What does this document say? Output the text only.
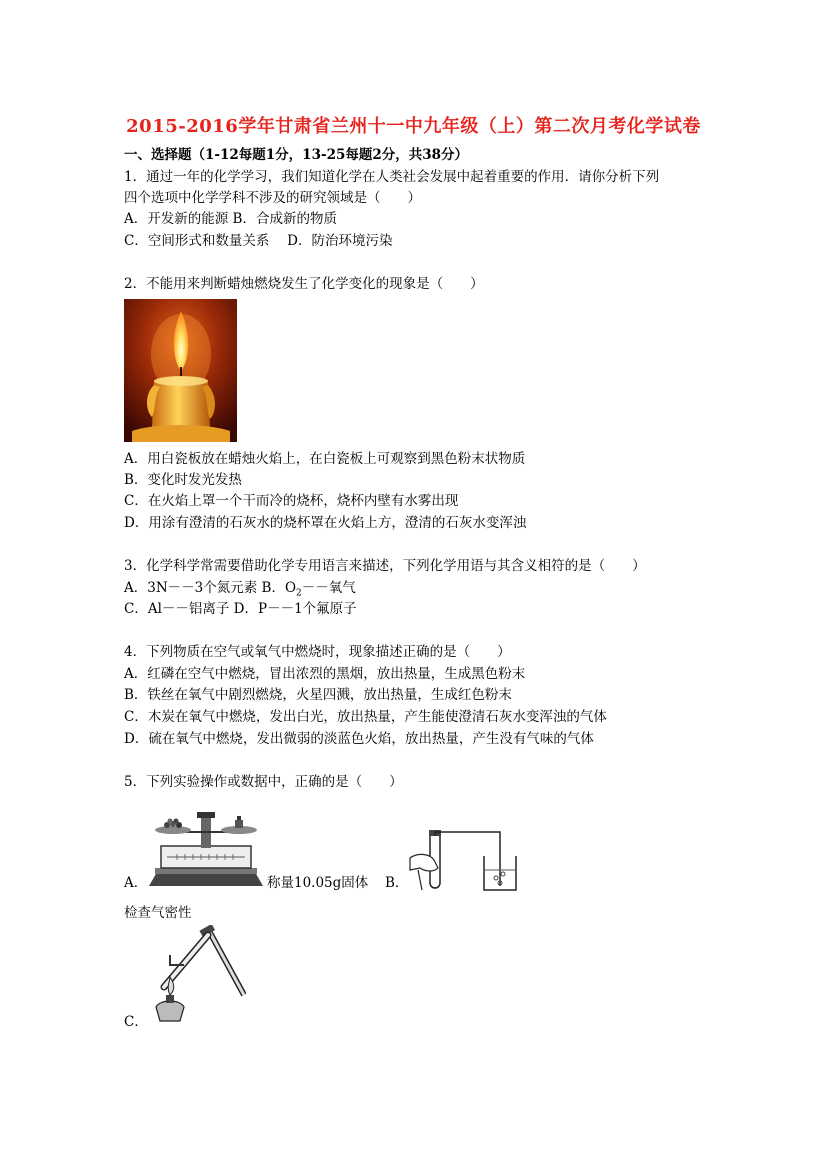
2015-2016学年甘肃省兰州十一中九年级（上）第二次月考化学试卷
一、选择题（1-12每题1分，13-25每题2分，共38分）
1．通过一年的化学学习，我们知道化学在人类社会发展中起着重要的作用．请你分析下列
四个选项中化学学科不涉及的研究领域是（　　）
A．开发新的能源 B．合成新的物质
C．空间形式和数量关系　 D．防治环境污染
2．不能用来判断蜡烛燃烧发生了化学变化的现象是（　　）
A．用白瓷板放在蜡烛火焰上，在白瓷板上可观察到黑色粉末状物质
B．变化时发光发热
C．在火焰上罩一个干而冷的烧杯，烧杯内壁有水雾出现
D．用涂有澄清的石灰水的烧杯罩在火焰上方，澄清的石灰水变浑浊
3．化学科学常需要借助化学专用语言来描述，下列化学用语与其含义相符的是（　　）
A．3N－－3个氮元素 B．$O_2--$氧气
C．Al－－铝离子 D．P－－1个氟原子
4．下列物质在空气或氧气中燃烧时，现象描述正确的是（　　）
A．红磷在空气中燃烧，冒出浓烈的黑烟，放出热量，生成黑色粉末
B．铁丝在氧气中剧烈燃烧，火星四溅，放出热量，生成红色粉末
C．木炭在氧气中燃烧，发出白光，放出热量，产生能使澄清石灰水变浑浊的气体
D．硫在氧气中燃烧，发出微弱的淡蓝色火焰，放出热量，产生没有气味的气体
5．下列实验操作或数据中，正确的是（　　）
A．	称量10.05g固体 B．
检查气密性
C．
